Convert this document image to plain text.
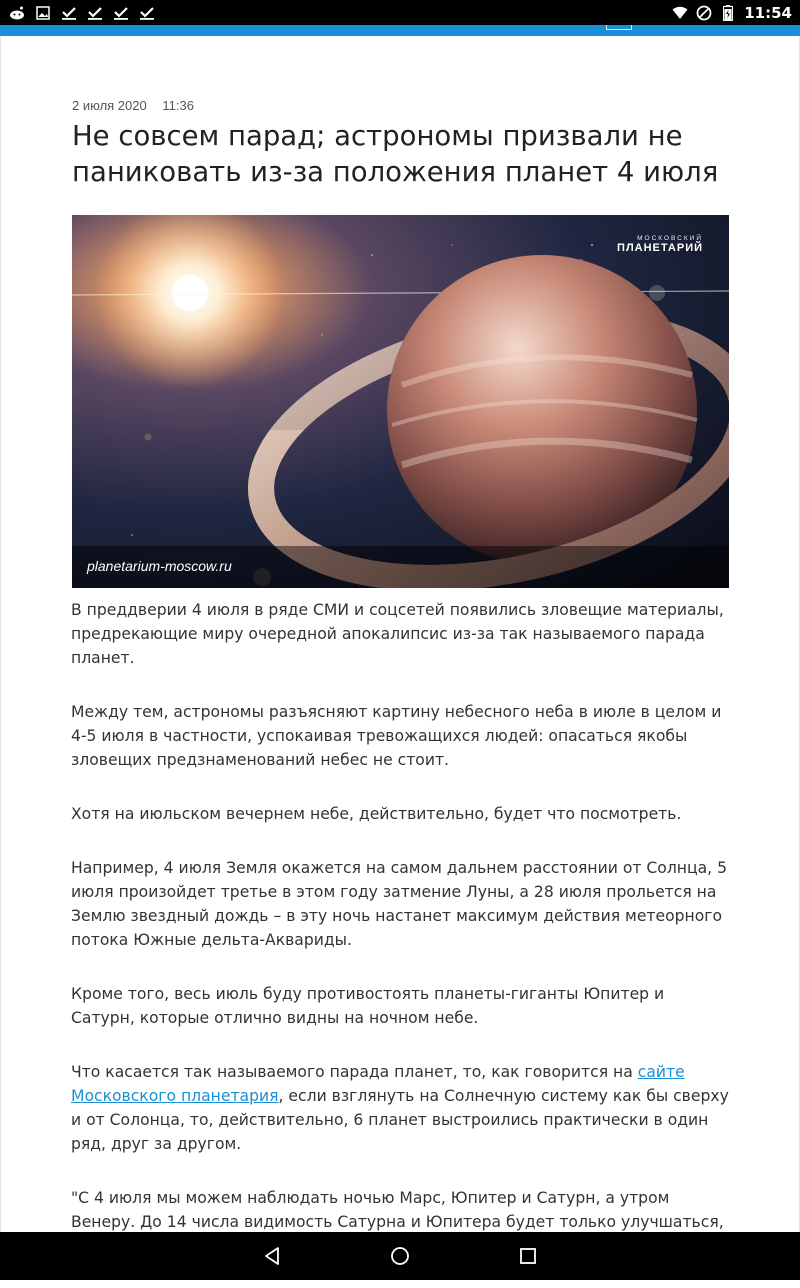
11:54
2 июля 2020 11:36
Не совсем парад; астрономы призвали не паниковать из-за положения планет 4 июля
МОСКОВСКИЙ
ПЛАНЕТАРИЙ
planetarium-moscow.ru

В преддверии 4 июля в ряде СМИ и соцсетей появились зловещие материалы, предрекающие миру очередной апокалипсис из-за так называемого парада планет.

Между тем, астрономы разъясняют картину небесного неба в июле в целом и 4-5 июля в частности, успокаивая тревожащихся людей: опасаться якобы зловещих предзнаменований небес не стоит.

Хотя на июльском вечернем небе, действительно, будет что посмотреть.

Например, 4 июля Земля окажется на самом дальнем расстоянии от Солнца, 5 июля произойдет третье в этом году затмение Луны, а 28 июля прольется на Землю звездный дождь – в эту ночь настанет максимум действия метеорного потока Южные дельта-Аквариды.

Кроме того, весь июль буду противостоять планеты-гиганты Юпитер и Сатурн, которые отлично видны на ночном небе.

Что касается так называемого парада планет, то, как говорится на сайте Московского планетария, если взглянуть на Солнечную систему как бы сверху и от Солонца, то, действительно, 6 планет выстроились практически в один ряд, друг за другом.

"С 4 июля мы можем наблюдать ночью Марс, Юпитер и Сатурн, а утром Венеру. До 14 числа видимость Сатурна и Юпитера будет только улучшаться,
